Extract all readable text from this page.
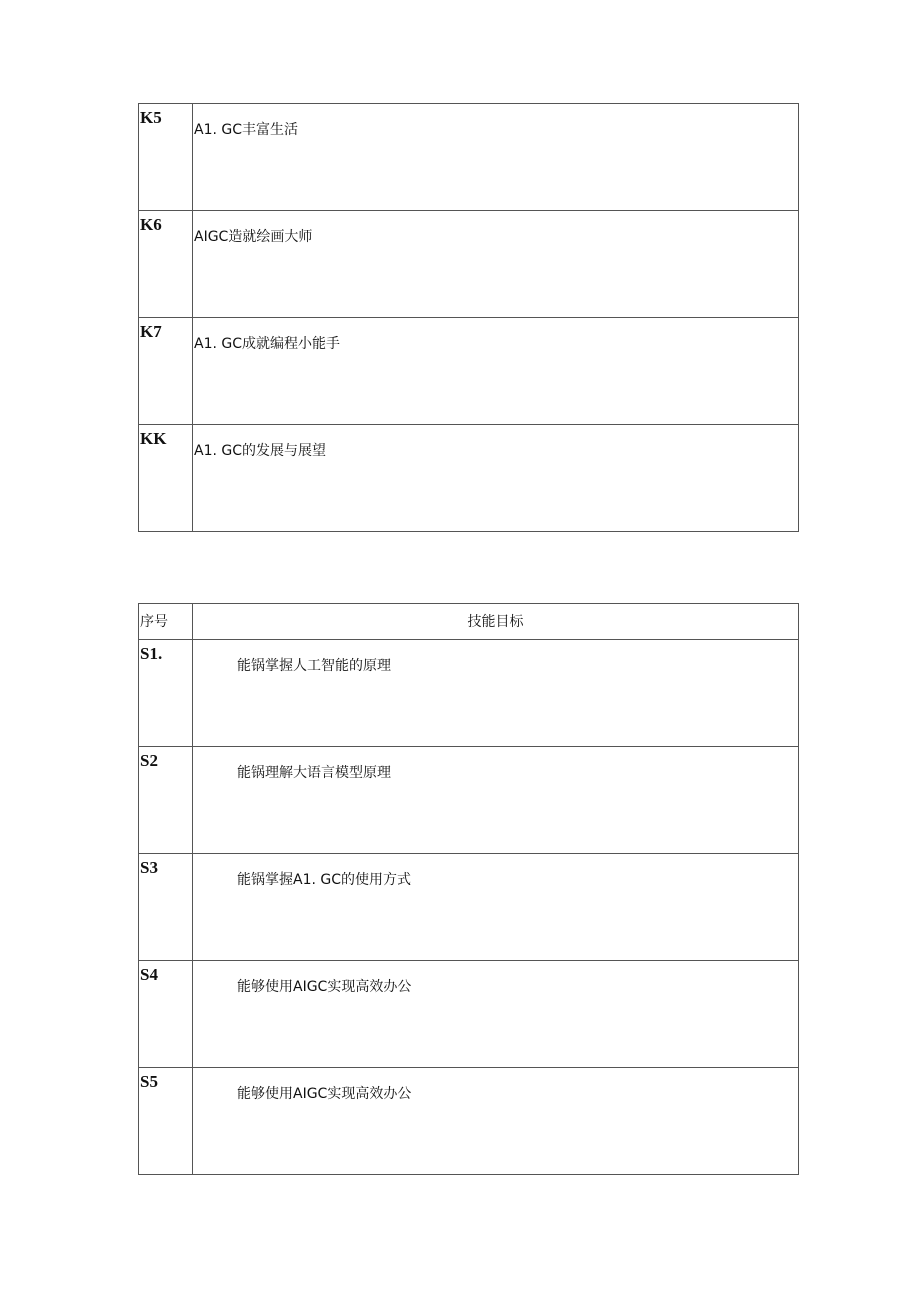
K5	A1. GC丰富生活
K6	AIGC造就绘画大师
K7	A1. GC成就编程小能手
KK	A1. GC的发展与展望
序号	技能目标
S1.	能锅掌握人工智能的原理
S2	能锅理解大语言模型原理
S3	能锅掌握A1. GC的使用方式
S4	能够使用AIGC实现高效办公
S5	能够使用AIGC实现高效办公
